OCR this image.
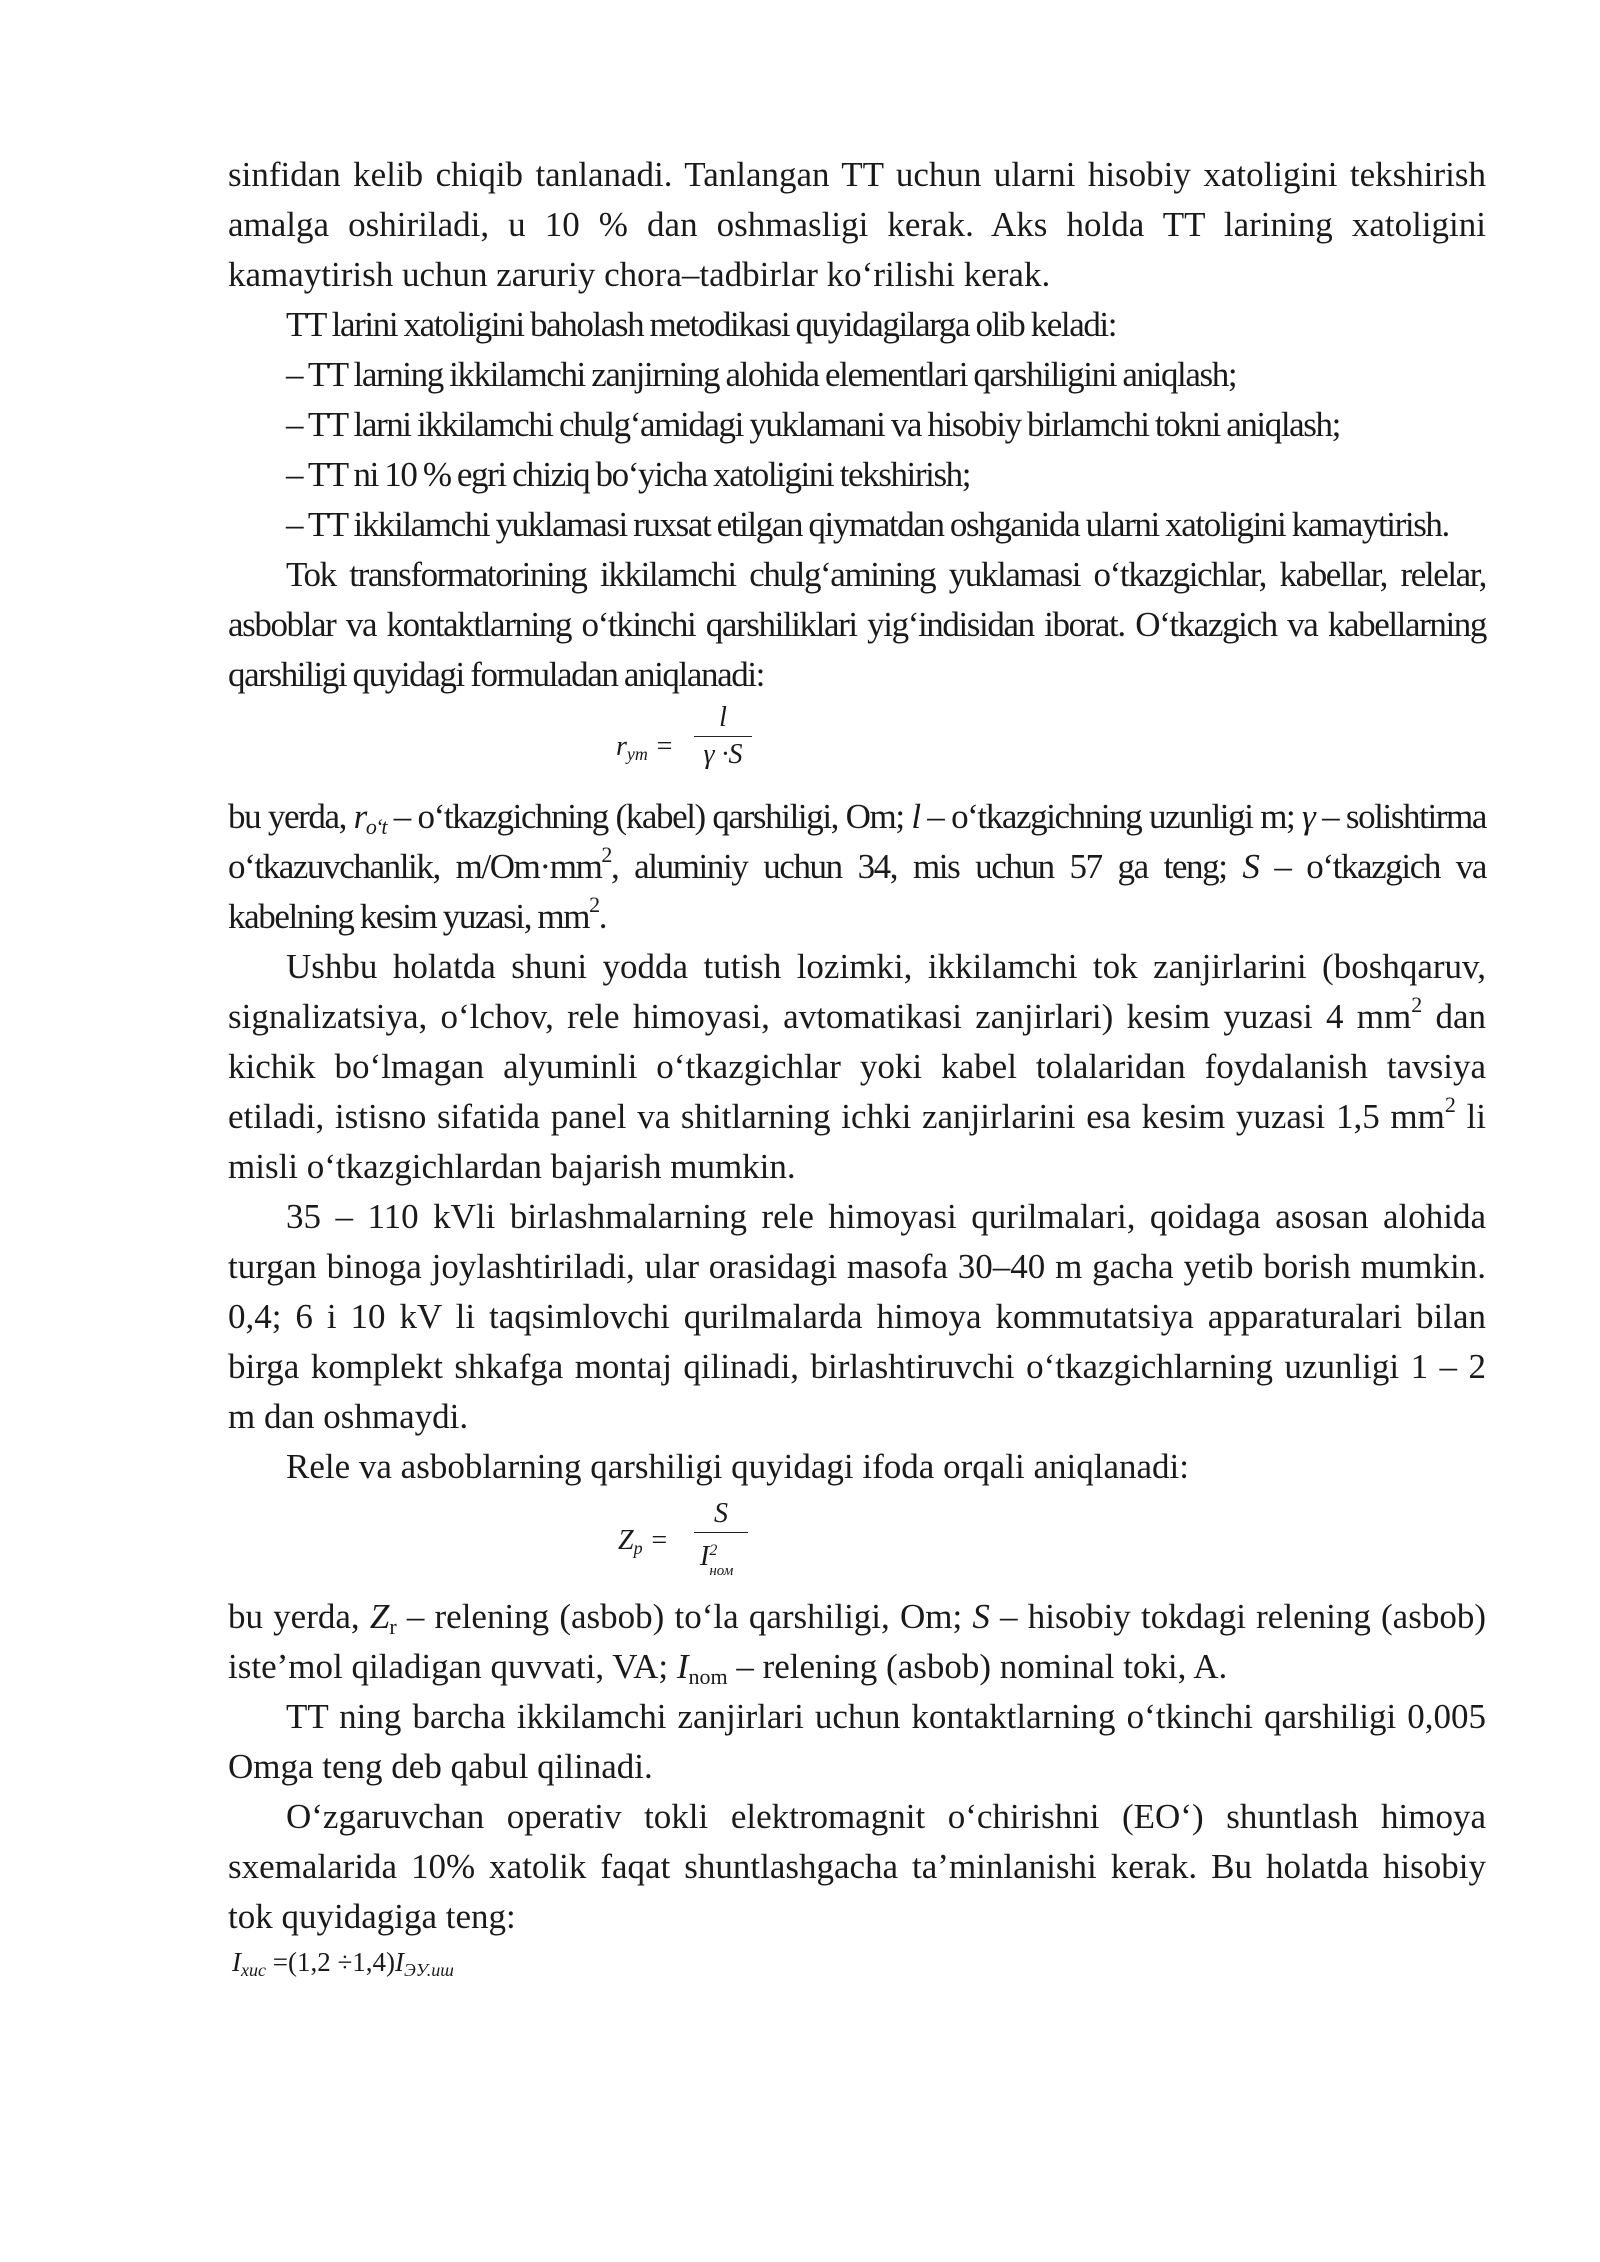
sinfidan kelib chiqib tanlanadi. Tanlangan TT uchun ularni hisobiy xatoligini tekshirish amalga oshiriladi, u 10 % dan oshmasligi kerak. Aks holda TT larining xatoligini kamaytirish uchun zaruriy chora–tadbirlar ko‘rilishi kerak.

TT larini xatoligini baholash metodikasi quyidagilarga olib keladi:

– TT larning ikkilamchi zanjirning alohida elementlari qarshiligini aniqlash;

– TT larni ikkilamchi chulg‘amidagi yuklamani va hisobiy birlamchi tokni aniqlash;

– TT ni 10 % egri chiziq bo‘yicha xatoligini tekshirish;

– TT ikkilamchi yuklamasi ruxsat etilgan qiymatdan oshganida ularni xatoligini kamaytirish.

Tok transformatorining ikkilamchi chulg‘amining yuklamasi o‘tkazgichlar, kabellar, relelar, asboblar va kontaktlarning o‘tkinchi qarshiliklari yig‘indisidan iborat. O‘tkazgich va kabellarning qarshiligi quyidagi formuladan aniqlanadi:

rут = $\frac{l}{\gamma \cdot S}$

bu yerda, $r_{o‘t}$ – o‘tkazgichning (kabel) qarshiligi, Om; l – o‘tkazgichning uzunligi m; γ – solishtirma o‘tkazuvchanlik, $m/Om\cdot mm^2$, aluminiy uchun 34, mis uchun 57 ga teng; S – o‘tkazgich va kabelning kesim yuzasi, $mm^2$.

Ushbu holatda shuni yodda tutish lozimki, ikkilamchi tok zanjirlarini (boshqaruv, signalizatsiya, o‘lchov, rele himoyasi, avtomatikasi zanjirlari) kesim yuzasi 4 $mm^2$ dan kichik bo‘lmagan alyuminli o‘tkazgichlar yoki kabel tolalaridan foydalanish tavsiya etiladi, istisno sifatida panel va shitlarning ichki zanjirlarini esa kesim yuzasi 1,5 $mm^2$ li misli o‘tkazgichlardan bajarish mumkin.

35 – 110 kVli birlashmalarning rele himoyasi qurilmalari, qoidaga asosan alohida turgan binoga joylashtiriladi, ular orasidagi masofa 30–40 m gacha yetib borish mumkin. 0,4; 6 i 10 kV li taqsimlovchi qurilmalarda himoya kommutatsiya apparaturalari bilan birga komplekt shkafga montaj qilinadi, birlashtiruvchi o‘tkazgichlarning uzunligi 1 – 2 m dan oshmaydi.

Rele va asboblarning qarshiligi quyidagi ifoda orqali aniqlanadi:

Zp =
S
$I^2_{ном}$

bu yerda, $Z_r$ – relening (asbob) to‘la qarshiligi, Om; S – hisobiy tokdagi relening (asbob) iste’mol qiladigan quvvati, VA; $I_{nom}$ – relening (asbob) nominal toki, A.

TT ning barcha ikkilamchi zanjirlari uchun kontaktlarning o‘tkinchi qarshiligi 0,005 Omga teng deb qabul qilinadi.

O‘zgaruvchan operativ tokli elektromagnit o‘chirishni (EO‘) shuntlash himoya sxemalarida 10% xatolik faqat shuntlashgacha ta’minlanishi kerak. Bu holatda hisobiy tok quyidagiga teng:

Iхис =(1,2 ÷1,4)IЭУ.иш
